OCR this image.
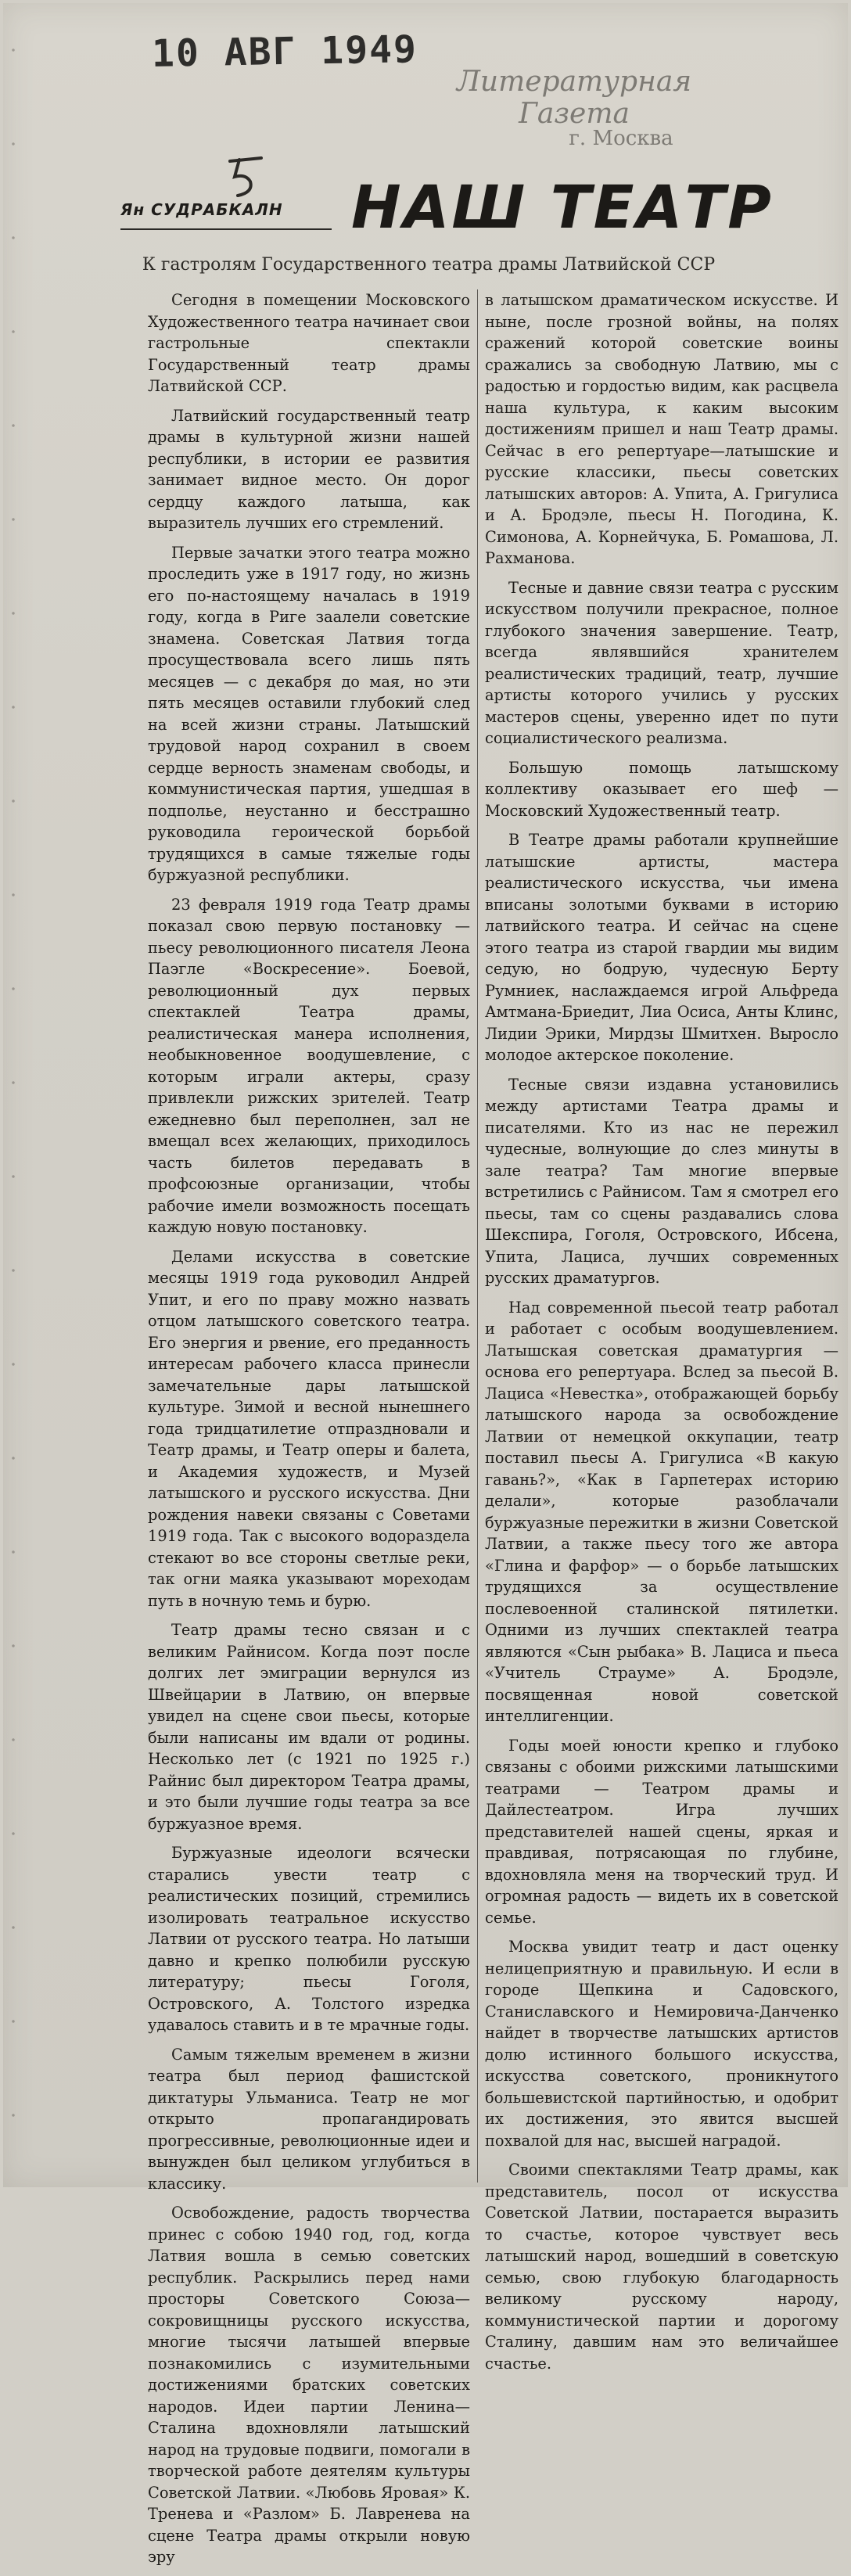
10 АВГ 1949
Литературная Газета
г. Москва
Ян СУДРАБКАЛН НАШ ТЕАТР
К гастролям Государственного театра драмы Латвийской ССР

Сегодня в помещении Московского Художественного театра начинает свои гастрольные спектакли Государственный театр драмы Латвийской ССР.

Латвийский государственный театр драмы в культурной жизни нашей республики, в истории ее развития занимает видное место. Он дорог сердцу каждого латыша, как выразитель лучших его стремлений.

Первые зачатки этого театра можно проследить уже в 1917 году, но жизнь его по-настоящему началась в 1919 году, когда в Риге заалели советские знамена. Советская Латвия тогда просуществовала всего лишь пять месяцев — с декабря до мая, но эти пять месяцев оставили глубокий след на всей жизни страны. Латышский трудовой народ сохранил в своем сердце верность знаменам свободы, и коммунистическая партия, ушедшая в подполье, неустанно и бесстрашно руководила героической борьбой трудящихся в самые тяжелые годы буржуазной республики.

23 февраля 1919 года Театр драмы показал свою первую постановку — пьесу революционного писателя Леона Паэгле «Воскресение». Боевой, революционный дух первых спектаклей Театра драмы, реалистическая манера исполнения, необыкновенное воодушевление, с которым играли актеры, сразу привлекли рижских зрителей. Театр ежедневно был переполнен, зал не вмещал всех желающих, приходилось часть билетов передавать в профсоюзные организации, чтобы рабочие имели возможность посещать каждую новую постановку.

Делами искусства в советские месяцы 1919 года руководил Андрей Упит, и его по праву можно назвать отцом латышского советского театра. Его энергия и рвение, его преданность интересам рабочего класса принесли замечательные дары латышской культуре. Зимой и весной нынешнего года тридцатилетие отпраздновали и Театр драмы, и Театр оперы и балета, и Академия художеств, и Музей латышского и русского искусства. Дни рождения навеки связаны с Советами 1919 года. Так с высокого водораздела стекают во все стороны светлые реки, так огни маяка указывают мореходам путь в ночную темь и бурю.

Театр драмы тесно связан и с великим Райнисом. Когда поэт после долгих лет эмиграции вернулся из Швейцарии в Латвию, он впервые увидел на сцене свои пьесы, которые были написаны им вдали от родины. Несколько лет (с 1921 по 1925 г.) Райнис был директором Театра драмы, и это были лучшие годы театра за все буржуазное время.

Буржуазные идеологи всячески старались увести театр с реалистических позиций, стремились изолировать театральное искусство Латвии от русского театра. Но латыши давно и крепко полюбили русскую литературу; пьесы Гоголя, Островского, А. Толстого изредка удавалось ставить и в те мрачные годы.

Самым тяжелым временем в жизни театра был период фашистской диктатуры Ульманиса. Театр не мог открыто пропагандировать прогрессивные, революционные идеи и вынужден был целиком углубиться в классику.

Освобождение, радость творчества принес с собою 1940 год, год, когда Латвия вошла в семью советских республик. Раскрылись перед нами просторы Советского Союза—сокровищницы русского искусства, многие тысячи латышей впервые познакомились с изумительными достижениями братских советских народов. Идеи партии Ленина—Сталина вдохновляли латышский народ на трудовые подвиги, помогали в творческой работе деятелям культуры Советской Латвии. «Любовь Яровая» К. Тренева и «Разлом» Б. Лавренева на сцене Театра драмы открыли новую эру

в латышском драматическом искусстве. И ныне, после грозной войны, на полях сражений которой советские воины сражались за свободную Латвию, мы с радостью и гордостью видим, как расцвела наша культура, к каким высоким достижениям пришел и наш Театр драмы. Сейчас в его репертуаре—латышские и русские классики, пьесы советских латышских авторов: А. Упита, А. Григулиса и А. Бродэле, пьесы Н. Погодина, К. Симонова, А. Корнейчука, Б. Ромашова, Л. Рахманова.

Тесные и давние связи театра с русским искусством получили прекрасное, полное глубокого значения завершение. Театр, всегда являвшийся хранителем реалистических традиций, театр, лучшие артисты которого учились у русских мастеров сцены, уверенно идет по пути социалистического реализма.

Большую помощь латышскому коллективу оказывает его шеф — Московский Художественный театр.

В Театре драмы работали крупнейшие латышские артисты, мастера реалистического искусства, чьи имена вписаны золотыми буквами в историю латвийского театра. И сейчас на сцене этого театра из старой гвардии мы видим седую, но бодрую, чудесную Берту Румниек, наслаждаемся игрой Альфреда Амтмана-Бриедит, Лиа Осиса, Анты Клинс, Лидии Эрики, Мирдзы Шмитхен. Выросло молодое актерское поколение.

Тесные связи издавна установились между артистами Театра драмы и писателями. Кто из нас не пережил чудесные, волнующие до слез минуты в зале театра? Там многие впервые встретились с Райнисом. Там я смотрел его пьесы, там со сцены раздавались слова Шекспира, Гоголя, Островского, Ибсена, Упита, Лациса, лучших современных русских драматургов.

Над современной пьесой театр работал и работает с особым воодушевлением. Латышская советская драматургия — основа его репертуара. Вслед за пьесой В. Лациса «Невестка», отображающей борьбу латышского народа за освобождение Латвии от немецкой оккупации, театр поставил пьесы А. Григулиса «В какую гавань?», «Как в Гарпетерах историю делали», которые разоблачали буржуазные пережитки в жизни Советской Латвии, а также пьесу того же автора «Глина и фарфор» — о борьбе латышских трудящихся за осуществление послевоенной сталинской пятилетки. Одними из лучших спектаклей театра являются «Сын рыбака» В. Лациса и пьеса «Учитель Страуме» А. Бродэле, посвященная новой советской интеллигенции.

Годы моей юности крепко и глубоко связаны с обоими рижскими латышскими театрами — Театром драмы и Дайлестеатром. Игра лучших представителей нашей сцены, яркая и правдивая, потрясающая по глубине, вдохновляла меня на творческий труд. И огромная радость — видеть их в советской семье.

Москва увидит театр и даст оценку нелицеприятную и правильную. И если в городе Щепкина и Садовского, Станиславского и Немировича-Данченко найдет в творчестве латышских артистов долю истинного большого искусства, искусства советского, проникнутого большевистской партийностью, и одобрит их достижения, это явится высшей похвалой для нас, высшей наградой.

Своими спектаклями Театр драмы, как представитель, посол от искусства Советской Латвии, постарается выразить то счастье, которое чувствует весь латышский народ, вошедший в советскую семью, свою глубокую благодарность великому русскому народу, коммунистической партии и дорогому Сталину, давшим нам это величайшее счастье.
